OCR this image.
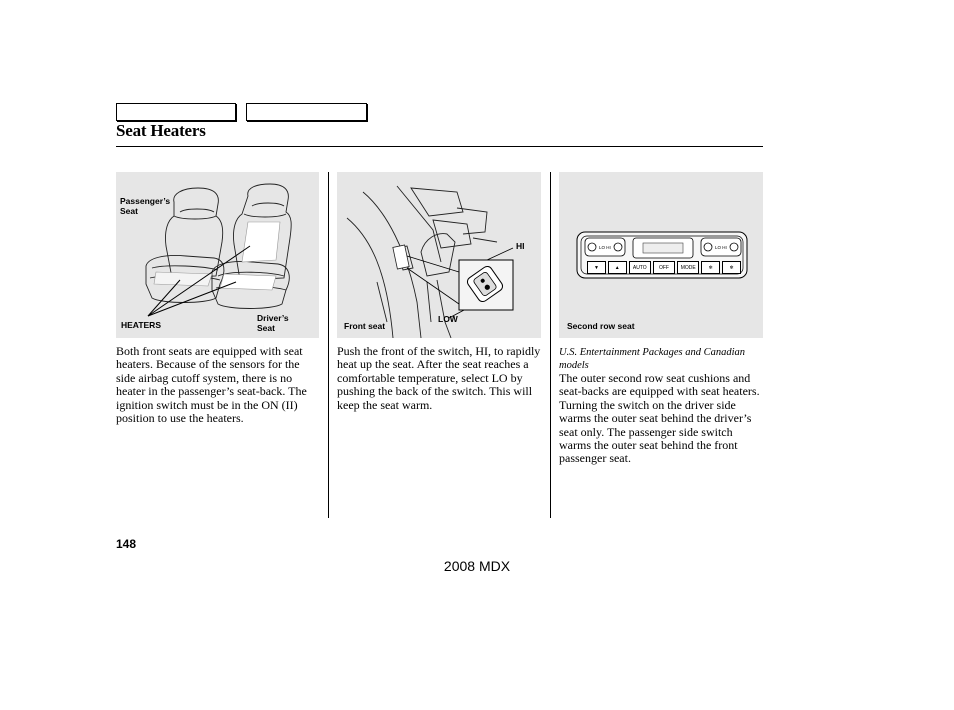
Seat Heaters
Passenger’s
Seat
HEATERS
Driver’s
Seat
HI
LOW
Front seat
LO HI	LO HI
▼	▲	AUTO	OFF	MODE	❄	❄
Second row seat
Both front seats are equipped with seat heaters. Because of the sensors for the side airbag cutoff system, there is no heater in the passenger’s seat-back. The ignition switch must be in the ON (II) position to use the heaters.
Push the front of the switch, HI, to rapidly heat up the seat. After the seat reaches a comfortable temperature, select LO by pushing the back of the switch. This will keep the seat warm.

U.S. Entertainment Packages and Canadian models

The outer second row seat cushions and seat-backs are equipped with seat heaters. Turning the switch on the driver side warms the outer seat behind the driver’s seat only. The passenger side switch warms the outer seat behind the front passenger seat.

148
2008 MDX
